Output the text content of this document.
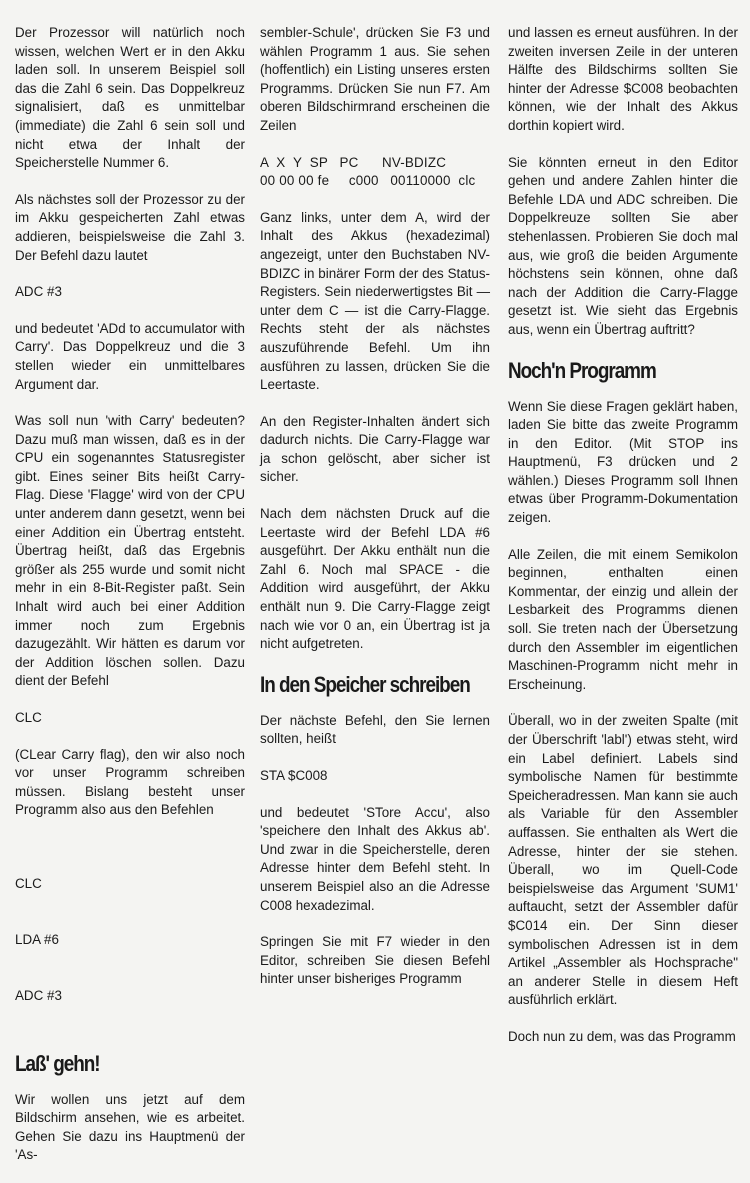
Der Prozessor will natürlich noch wissen, welchen Wert er in den Akku laden soll. In unserem Beispiel soll das die Zahl 6 sein. Das Doppelkreuz signalisiert, daß es unmittelbar (immediate) die Zahl 6 sein soll und nicht etwa der Inhalt der Speicherstelle Nummer 6.

Als nächstes soll der Prozessor zu der im Akku gespeicherten Zahl etwas addieren, beispielsweise die Zahl 3. Der Befehl dazu lautet

ADC #3

und bedeutet 'ADd to accumulator with Carry'. Das Doppelkreuz und die 3 stellen wieder ein unmittelbares Argument dar.

Was soll nun 'with Carry' bedeuten? Dazu muß man wissen, daß es in der CPU ein sogenanntes Statusregister gibt. Eines seiner Bits heißt Carry-Flag. Diese 'Flagge' wird von der CPU unter anderem dann gesetzt, wenn bei einer Addition ein Übertrag entsteht. Übertrag heißt, daß das Ergebnis größer als 255 wurde und somit nicht mehr in ein 8-Bit-Register paßt. Sein Inhalt wird auch bei einer Addition immer noch zum Ergebnis dazugezählt. Wir hätten es darum vor der Addition löschen sollen. Dazu dient der Befehl

CLC

(CLear Carry flag), den wir also noch vor unser Programm schreiben müssen. Bislang besteht unser Programm also aus den Befehlen

CLC

LDA #6

ADC #3

Laß' gehn!

Wir wollen uns jetzt auf dem Bildschirm ansehen, wie es arbeitet. Gehen Sie dazu ins Hauptmenü der 'As-

sembler-Schule', drücken Sie F3 und wählen Programm 1 aus. Sie sehen (hoffentlich) ein Listing unseres ersten Programms. Drücken Sie nun F7. Am oberen Bildschirmrand erscheinen die Zeilen

A  X  Y  SP   PC      NV-BDIZC
00 00 00 fe     c000   00110000  clc

Ganz links, unter dem A, wird der Inhalt des Akkus (hexadezimal) angezeigt, unter den Buchstaben NV-BDIZC in binärer Form der des Status-Registers. Sein niederwertigstes Bit — unter dem C — ist die Carry-Flagge. Rechts steht der als nächstes auszuführende Befehl. Um ihn ausführen zu lassen, drücken Sie die Leertaste.

An den Register-Inhalten ändert sich dadurch nichts. Die Carry-Flagge war ja schon gelöscht, aber sicher ist sicher.

Nach dem nächsten Druck auf die Leertaste wird der Befehl LDA #6 ausgeführt. Der Akku enthält nun die Zahl 6. Noch mal SPACE - die Addition wird ausgeführt, der Akku enthält nun 9. Die Carry-Flagge zeigt nach wie vor 0 an, ein Übertrag ist ja nicht aufgetreten.

In den Speicher schreiben

Der nächste Befehl, den Sie lernen sollten, heißt

STA $C008

und bedeutet 'STore Accu', also 'speichere den Inhalt des Akkus ab'. Und zwar in die Speicherstelle, deren Adresse hinter dem Befehl steht. In unserem Beispiel also an die Adresse C008 hexadezimal.

Springen Sie mit F7 wieder in den Editor, schreiben Sie diesen Befehl hinter unser bisheriges Programm

und lassen es erneut ausführen. In der zweiten inversen Zeile in der unteren Hälfte des Bildschirms sollten Sie hinter der Adresse $C008 beobachten können, wie der Inhalt des Akkus dorthin kopiert wird.

Sie könnten erneut in den Editor gehen und andere Zahlen hinter die Befehle LDA und ADC schreiben. Die Doppelkreuze sollten Sie aber stehenlassen. Probieren Sie doch mal aus, wie groß die beiden Argumente höchstens sein können, ohne daß nach der Addition die Carry-Flagge gesetzt ist. Wie sieht das Ergebnis aus, wenn ein Übertrag auftritt?

Noch'n Programm

Wenn Sie diese Fragen geklärt haben, laden Sie bitte das zweite Programm in den Editor. (Mit STOP ins Hauptmenü, F3 drücken und 2 wählen.) Dieses Programm soll Ihnen etwas über Programm-Dokumentation zeigen.

Alle Zeilen, die mit einem Semikolon beginnen, enthalten einen Kommentar, der einzig und allein der Lesbarkeit des Programms dienen soll. Sie treten nach der Übersetzung durch den Assembler im eigentlichen Maschinen-Programm nicht mehr in Erscheinung.

Überall, wo in der zweiten Spalte (mit der Überschrift 'labl') etwas steht, wird ein Label definiert. Labels sind symbolische Namen für bestimmte Speicheradressen. Man kann sie auch als Variable für den Assembler auffassen. Sie enthalten als Wert die Adresse, hinter der sie stehen. Überall, wo im Quell-Code beispielsweise das Argument 'SUM1' auftaucht, setzt der Assembler dafür $C014 ein. Der Sinn dieser symbolischen Adressen ist in dem Artikel „Assembler als Hochsprache" an anderer Stelle in diesem Heft ausführlich erklärt.

Doch nun zu dem, was das Programm
